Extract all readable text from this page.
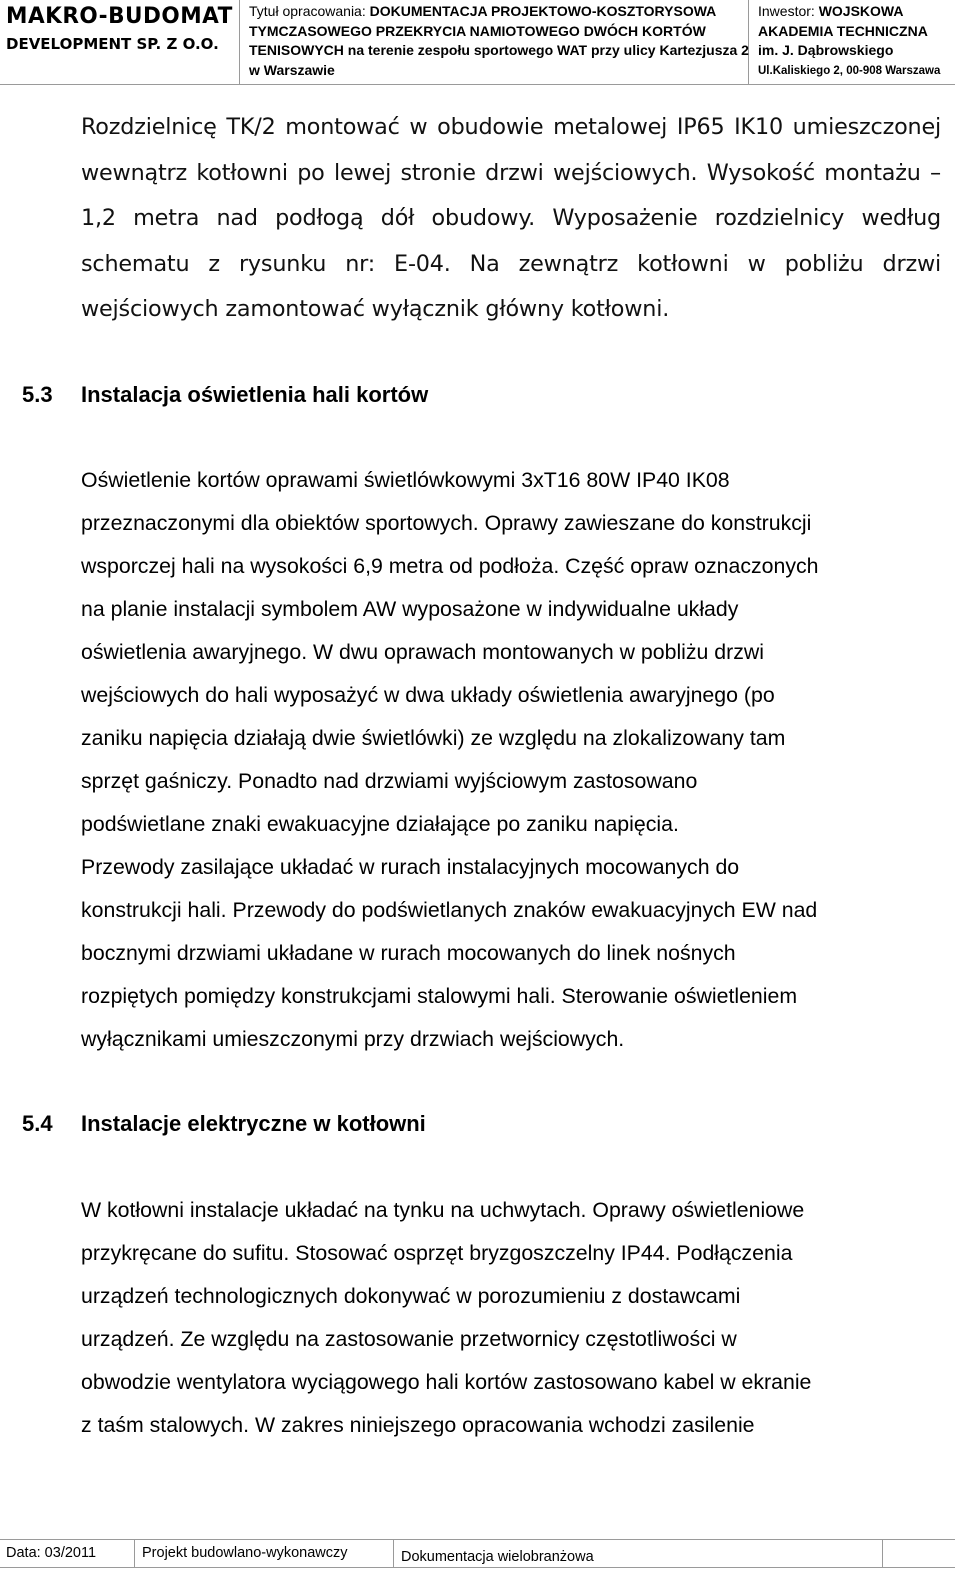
MAKRO-BUDOMAT
DEVELOPMENT SP. Z O.O.
Tytuł opracowania: DOKUMENTACJA PROJEKTOWO-KOSZTORYSOWA
TYMCZASOWEGO PRZEKRYCIA NAMIOTOWEGO DWÓCH KORTÓW
TENISOWYCH na terenie zespołu sportowego WAT przy ulicy Kartezjusza 2
w Warszawie
Inwestor: WOJSKOWA
AKADEMIA TECHNICZNA
im. J. Dąbrowskiego
Ul.Kaliskiego 2, 00-908 Warszawa
Rozdzielnicę TK/2 montować w obudowie metalowej IP65 IK10 umieszczonej
wewnątrz kotłowni po lewej stronie drzwi wejściowych. Wysokość montażu –
1,2 metra nad podłogą dół obudowy. Wyposażenie rozdzielnicy według
schematu z rysunku nr: E-04. Na zewnątrz kotłowni w pobliżu drzwi
wejściowych zamontować wyłącznik główny kotłowni.
5.3 Instalacja oświetlenia hali kortów
Oświetlenie kortów oprawami świetlówkowymi 3xT16 80W IP40 IK08
przeznaczonymi dla obiektów sportowych. Oprawy zawieszane do konstrukcji
wsporczej hali na wysokości 6,9 metra od podłoża. Część opraw oznaczonych
na planie instalacji symbolem AW wyposażone w indywidualne układy
oświetlenia awaryjnego. W dwu oprawach montowanych w pobliżu drzwi
wejściowych do hali wyposażyć w dwa układy oświetlenia awaryjnego (po
zaniku napięcia działają dwie świetlówki) ze względu na zlokalizowany tam
sprzęt gaśniczy. Ponadto nad drzwiami wyjściowym zastosowano
podświetlane znaki ewakuacyjne działające po zaniku napięcia.
Przewody zasilające układać w rurach instalacyjnych mocowanych do
konstrukcji hali. Przewody do podświetlanych znaków ewakuacyjnych EW nad
bocznymi drzwiami układane w rurach mocowanych do linek nośnych
rozpiętych pomiędzy konstrukcjami stalowymi hali. Sterowanie oświetleniem
wyłącznikami umieszczonymi przy drzwiach wejściowych.
5.4 Instalacje elektryczne w kotłowni
W kotłowni instalacje układać na tynku na uchwytach. Oprawy oświetleniowe
przykręcane do sufitu. Stosować osprzęt bryzgoszczelny IP44. Podłączenia
urządzeń technologicznych dokonywać w porozumieniu z dostawcami
urządzeń. Ze względu na zastosowanie przetwornicy częstotliwości w
obwodzie wentylatora wyciągowego hali kortów zastosowano kabel w ekranie
z taśm stalowych. W zakres niniejszego opracowania wchodzi zasilenie
Data: 03/2011	Projekt budowlano-wykonawczy	Dokumentacja wielobranżowa
